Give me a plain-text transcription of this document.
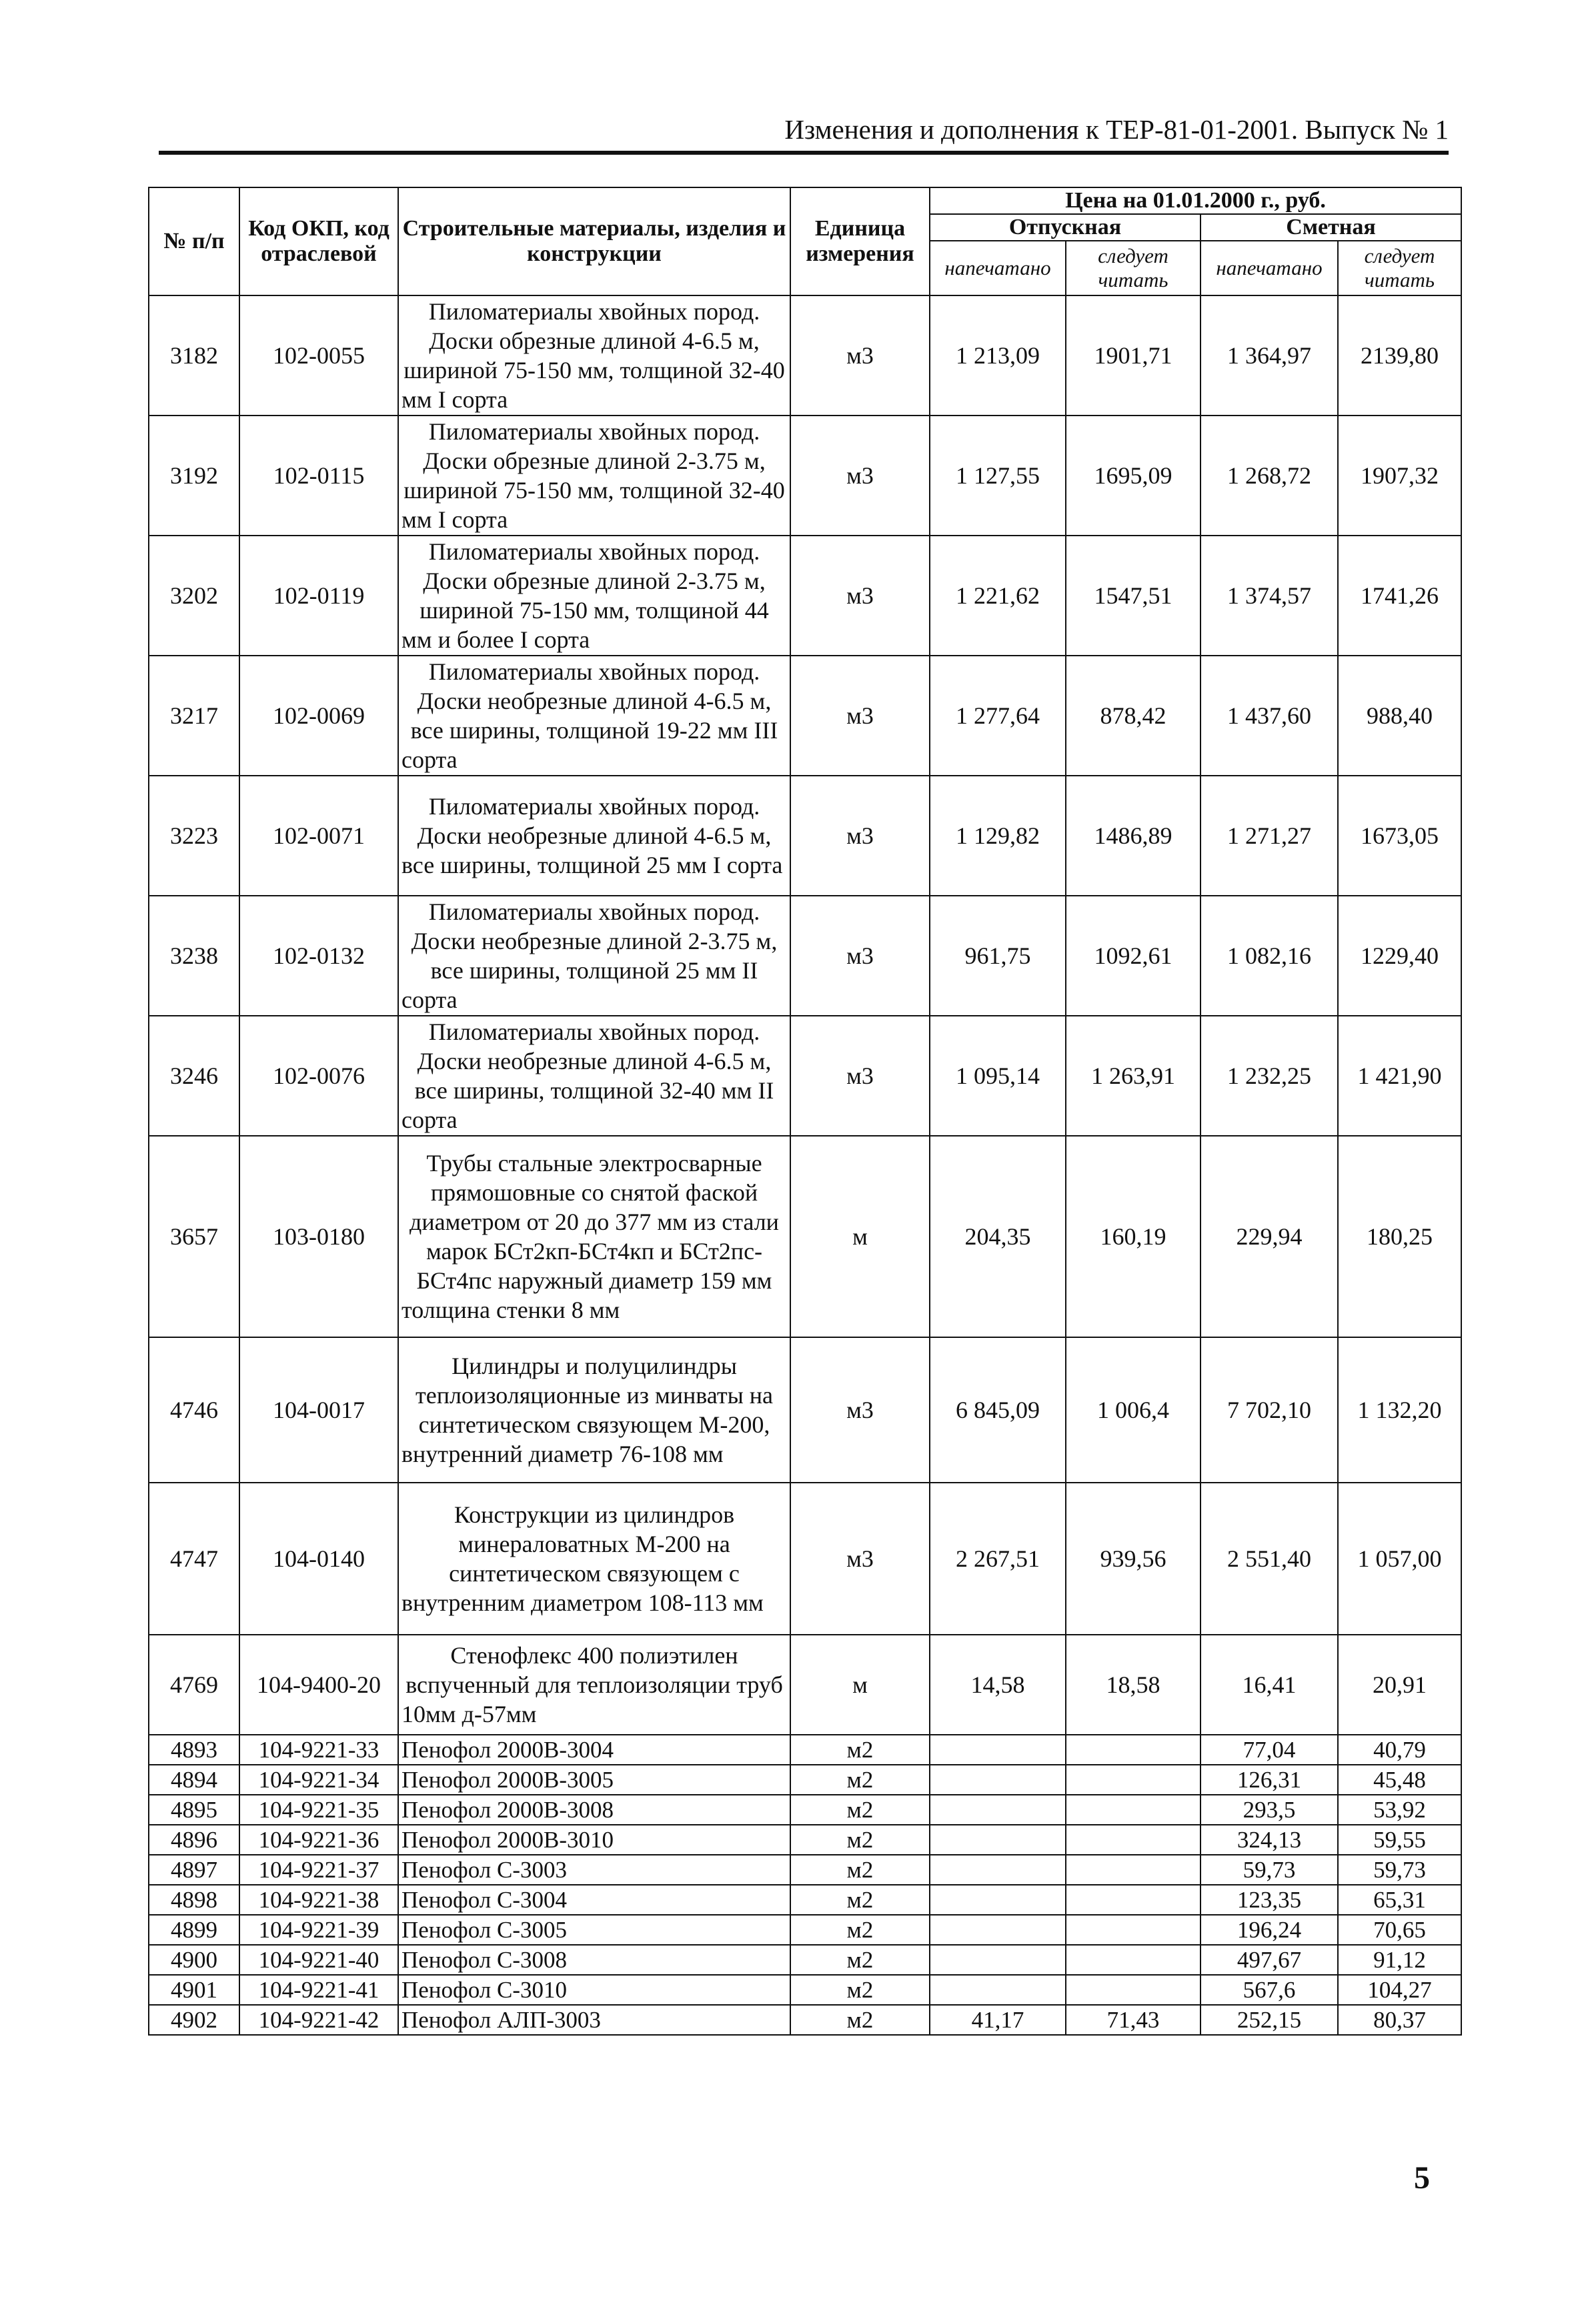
Изменения и дополнения к ТЕР-81-01-2001. Выпуск № 1
№ п/п	Код ОКП, код отраслевой	Строительные материалы, изделия и конструкции	Единица измерения	Цена на 01.01.2000 г., руб.			
				Отпускная		Сметная	
				напечатано	следует читать	напечатано	следует читать
3182	102-0055	Пиломатериалы хвойных пород. Доски обрезные длиной 4-6.5 м, шириной 75-150 мм, толщиной 32-40 мм I сорта	м3	1 213,09	1901,71	1 364,97	2139,80
3192	102-0115	Пиломатериалы хвойных пород. Доски обрезные длиной 2-3.75 м, шириной 75-150 мм, толщиной 32-40 мм I сорта	м3	1 127,55	1695,09	1 268,72	1907,32
3202	102-0119	Пиломатериалы хвойных пород. Доски обрезные длиной 2-3.75 м, шириной 75-150 мм, толщиной 44 мм и более I сорта	м3	1 221,62	1547,51	1 374,57	1741,26
3217	102-0069	Пиломатериалы хвойных пород. Доски необрезные длиной 4-6.5 м, все ширины, толщиной 19-22 мм III сорта	м3	1 277,64	878,42	1 437,60	988,40
3223	102-0071	Пиломатериалы хвойных пород. Доски необрезные длиной 4-6.5 м, все ширины, толщиной 25 мм I сорта	м3	1 129,82	1486,89	1 271,27	1673,05
3238	102-0132	Пиломатериалы хвойных пород. Доски необрезные длиной 2-3.75 м, все ширины, толщиной 25 мм II сорта	м3	961,75	1092,61	1 082,16	1229,40
3246	102-0076	Пиломатериалы хвойных пород. Доски необрезные длиной 4-6.5 м, все ширины, толщиной 32-40 мм II сорта	м3	1 095,14	1 263,91	1 232,25	1 421,90
3657	103-0180	Трубы стальные электросварные прямошовные со снятой фаской диаметром от 20 до 377 мм из стали марок БСт2кп-БСт4кп и БСт2пс-БСт4пс наружный диаметр 159 мм толщина стенки 8 мм	м	204,35	160,19	229,94	180,25
4746	104-0017	Цилиндры и полуцилиндры теплоизоляционные из минваты на синтетическом связующем М-200, внутренний диаметр 76-108 мм	м3	6 845,09	1 006,4	7 702,10	1 132,20
4747	104-0140	Конструкции из цилиндров минераловатных М-200 на синтетическом связующем с внутренним диаметром 108-113 мм	м3	2 267,51	939,56	2 551,40	1 057,00
4769	104-9400-20	Стенофлекс 400 полиэтилен вспученный для теплоизоляции труб 10мм д-57мм	м	14,58	18,58	16,41	20,91
4893	104-9221-33	Пенофол 2000В-3004	м2			77,04	40,79
4894	104-9221-34	Пенофол 2000В-3005	м2			126,31	45,48
4895	104-9221-35	Пенофол 2000В-3008	м2			293,5	53,92
4896	104-9221-36	Пенофол 2000В-3010	м2			324,13	59,55
4897	104-9221-37	Пенофол С-3003	м2			59,73	59,73
4898	104-9221-38	Пенофол С-3004	м2			123,35	65,31
4899	104-9221-39	Пенофол С-3005	м2			196,24	70,65
4900	104-9221-40	Пенофол С-3008	м2			497,67	91,12
4901	104-9221-41	Пенофол С-3010	м2			567,6	104,27
4902	104-9221-42	Пенофол АЛП-3003	м2	41,17	71,43	252,15	80,37
5
